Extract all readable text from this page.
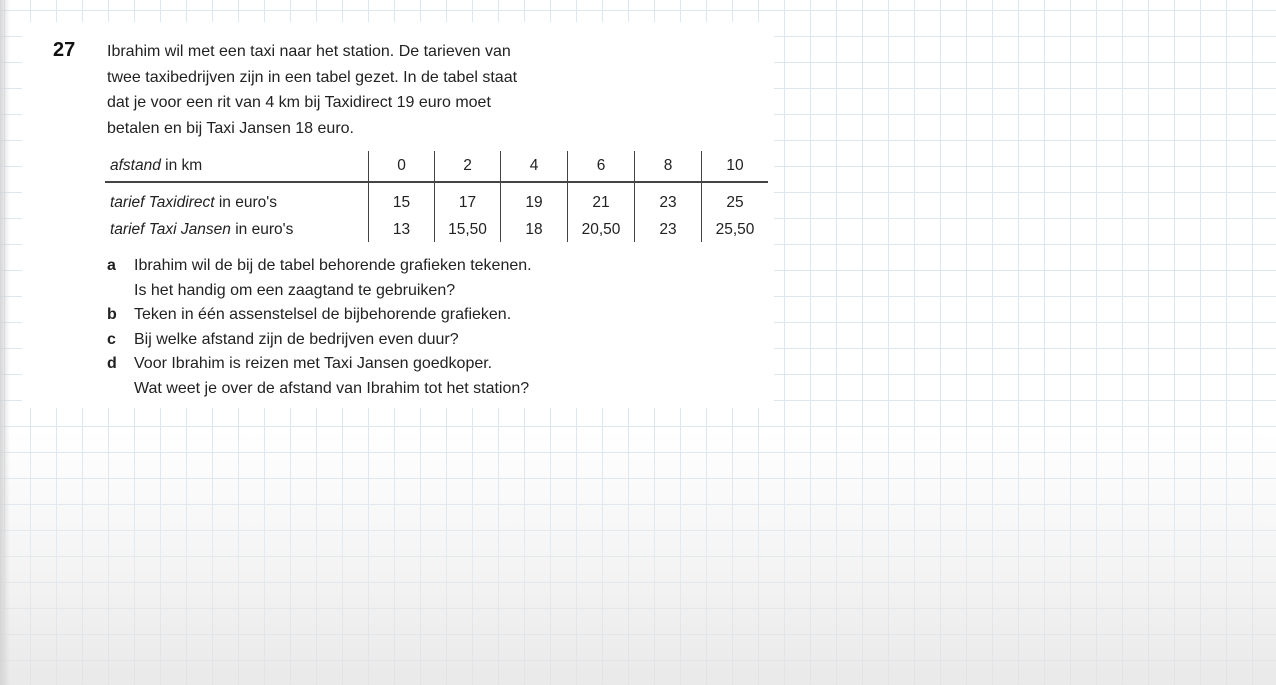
27 Ibrahim wil met een taxi naar het station. De tarieven van
twee taxibedrijven zijn in een tabel gezet. In de tabel staat
dat je voor een rit van 4 km bij Taxidirect 19 euro moet
betalen en bij Taxi Jansen 18 euro.
afstand in km	0	2	4	6	8	10
tarief Taxidirect in euro's	15	17	19	21	23	25
tarief Taxi Jansen in euro's	13	15,50	18	20,50	23	25,50
a	Ibrahim wil de bij de tabel behorende grafieken tekenen.
Is het handig om een zaagtand te gebruiken?
b	Teken in één assenstelsel de bijbehorende grafieken.
c	Bij welke afstand zijn de bedrijven even duur?
d	Voor Ibrahim is reizen met Taxi Jansen goedkoper.
Wat weet je over de afstand van Ibrahim tot het station?
